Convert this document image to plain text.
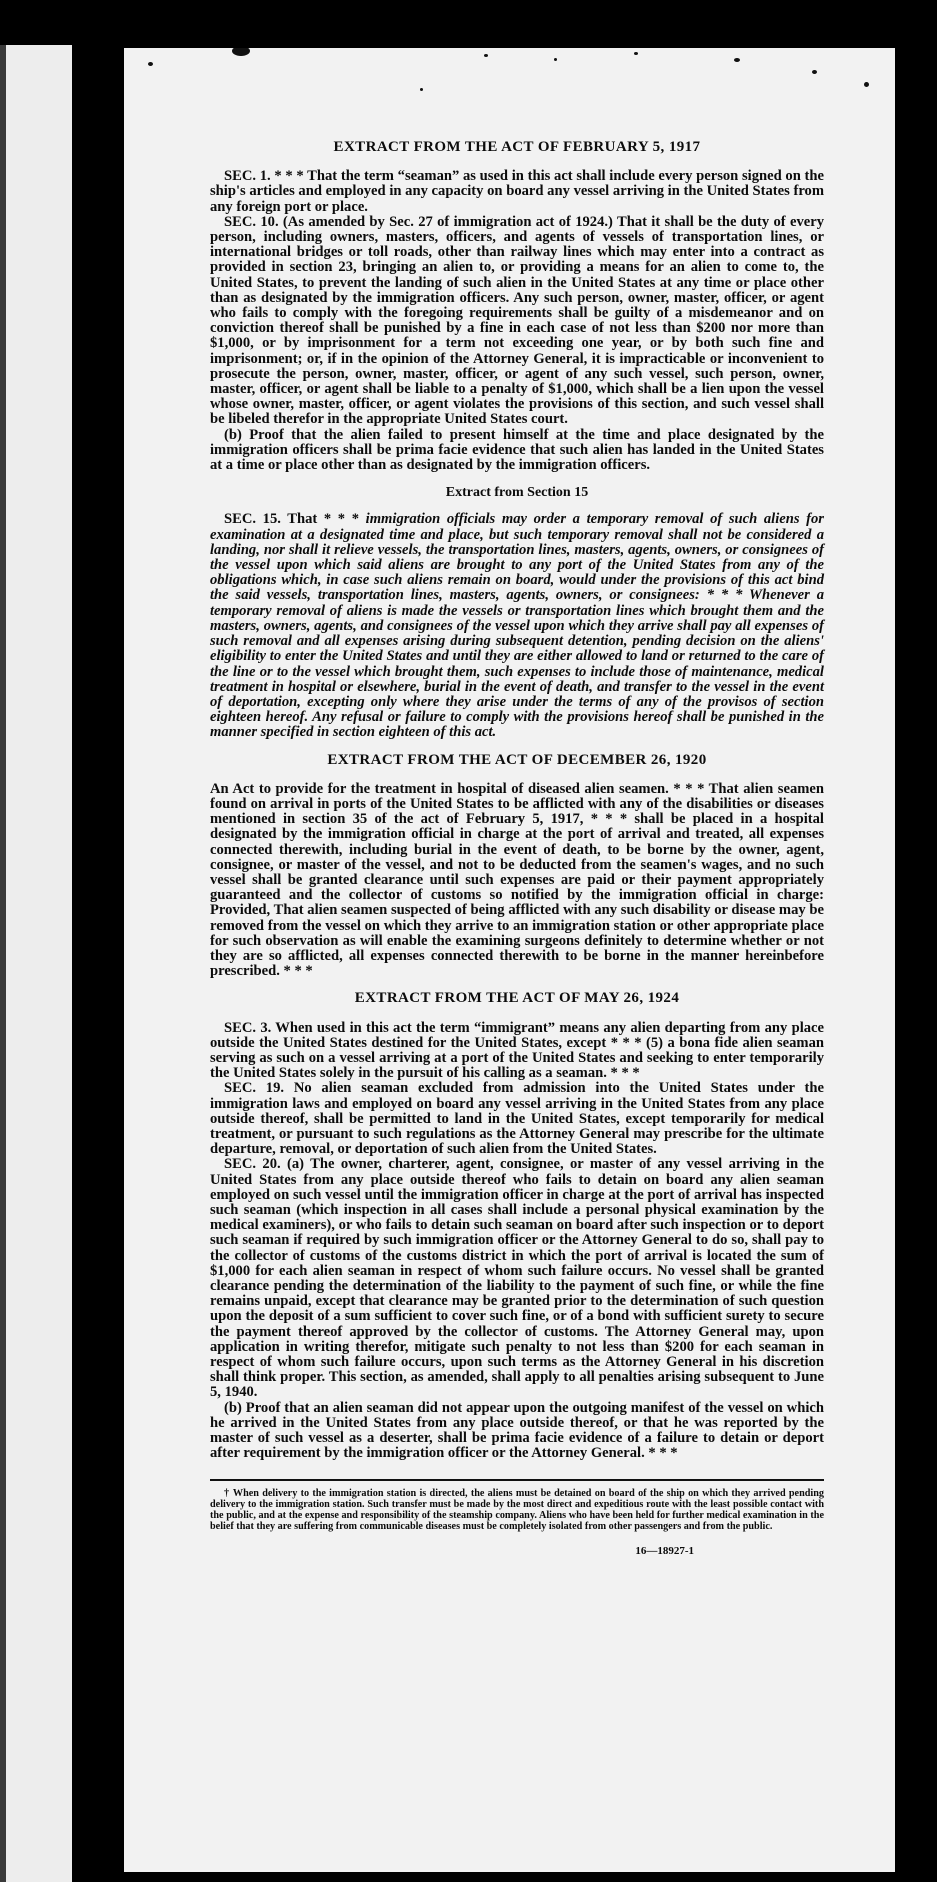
EXTRACT FROM THE ACT OF FEBRUARY 5, 1917

SEC. 1. * * * That the term “seaman” as used in this act shall include every person signed on the ship's articles and employed in any capacity on board any vessel arriving in the United States from any foreign port or place.

SEC. 10. (As amended by Sec. 27 of immigration act of 1924.) That it shall be the duty of every person, including owners, masters, officers, and agents of vessels of transportation lines, or international bridges or toll roads, other than railway lines which may enter into a contract as provided in section 23, bringing an alien to, or providing a means for an alien to come to, the United States, to prevent the landing of such alien in the United States at any time or place other than as designated by the immigration officers. Any such person, owner, master, officer, or agent who fails to comply with the foregoing requirements shall be guilty of a misdemeanor and on conviction thereof shall be punished by a fine in each case of not less than $200 nor more than $1,000, or by imprisonment for a term not exceeding one year, or by both such fine and imprisonment; or, if in the opinion of the Attorney General, it is impracticable or inconvenient to prosecute the person, owner, master, officer, or agent of any such vessel, such person, owner, master, officer, or agent shall be liable to a penalty of $1,000, which shall be a lien upon the vessel whose owner, master, officer, or agent violates the provisions of this section, and such vessel shall be libeled therefor in the appropriate United States court.

(b) Proof that the alien failed to present himself at the time and place designated by the immigration officers shall be prima facie evidence that such alien has landed in the United States at a time or place other than as designated by the immigration officers.

Extract from Section 15

SEC. 15. That * * * immigration officials may order a temporary removal of such aliens for examination at a designated time and place, but such temporary removal shall not be considered a landing, nor shall it relieve vessels, the transportation lines, masters, agents, owners, or consignees of the vessel upon which said aliens are brought to any port of the United States from any of the obligations which, in case such aliens remain on board, would under the provisions of this act bind the said vessels, transportation lines, masters, agents, owners, or consignees: * * * Whenever a temporary removal of aliens is made the vessels or transportation lines which brought them and the masters, owners, agents, and consignees of the vessel upon which they arrive shall pay all expenses of such removal and all expenses arising during subsequent detention, pending decision on the aliens' eligibility to enter the United States and until they are either allowed to land or returned to the care of the line or to the vessel which brought them, such expenses to include those of maintenance, medical treatment in hospital or elsewhere, burial in the event of death, and transfer to the vessel in the event of deportation, excepting only where they arise under the terms of any of the provisos of section eighteen hereof. Any refusal or failure to comply with the provisions hereof shall be punished in the manner specified in section eighteen of this act.

EXTRACT FROM THE ACT OF DECEMBER 26, 1920

An Act to provide for the treatment in hospital of diseased alien seamen. * * * That alien seamen found on arrival in ports of the United States to be afflicted with any of the disabilities or diseases mentioned in section 35 of the act of February 5, 1917, * * * shall be placed in a hospital designated by the immigration official in charge at the port of arrival and treated, all expenses connected therewith, including burial in the event of death, to be borne by the owner, agent, consignee, or master of the vessel, and not to be deducted from the seamen's wages, and no such vessel shall be granted clearance until such expenses are paid or their payment appropriately guaranteed and the collector of customs so notified by the immigration official in charge: Provided, That alien seamen suspected of being afflicted with any such disability or disease may be removed from the vessel on which they arrive to an immigration station or other appropriate place for such observation as will enable the examining surgeons definitely to determine whether or not they are so afflicted, all expenses connected therewith to be borne in the manner hereinbefore prescribed. * * *

EXTRACT FROM THE ACT OF MAY 26, 1924

SEC. 3. When used in this act the term “immigrant” means any alien departing from any place outside the United States destined for the United States, except * * * (5) a bona fide alien seaman serving as such on a vessel arriving at a port of the United States and seeking to enter temporarily the United States solely in the pursuit of his calling as a seaman. * * *

SEC. 19. No alien seaman excluded from admission into the United States under the immigration laws and employed on board any vessel arriving in the United States from any place outside thereof, shall be permitted to land in the United States, except temporarily for medical treatment, or pursuant to such regulations as the Attorney General may prescribe for the ultimate departure, removal, or deportation of such alien from the United States.

SEC. 20. (a) The owner, charterer, agent, consignee, or master of any vessel arriving in the United States from any place outside thereof who fails to detain on board any alien seaman employed on such vessel until the immigration officer in charge at the port of arrival has inspected such seaman (which inspection in all cases shall include a personal physical examination by the medical examiners), or who fails to detain such seaman on board after such inspection or to deport such seaman if required by such immigration officer or the Attorney General to do so, shall pay to the collector of customs of the customs district in which the port of arrival is located the sum of $1,000 for each alien seaman in respect of whom such failure occurs. No vessel shall be granted clearance pending the determination of the liability to the payment of such fine, or while the fine remains unpaid, except that clearance may be granted prior to the determination of such question upon the deposit of a sum sufficient to cover such fine, or of a bond with sufficient surety to secure the payment thereof approved by the collector of customs. The Attorney General may, upon application in writing therefor, mitigate such penalty to not less than $200 for each seaman in respect of whom such failure occurs, upon such terms as the Attorney General in his discretion shall think proper. This section, as amended, shall apply to all penalties arising subsequent to June 5, 1940.

(b) Proof that an alien seaman did not appear upon the outgoing manifest of the vessel on which he arrived in the United States from any place outside thereof, or that he was reported by the master of such vessel as a deserter, shall be prima facie evidence of a failure to detain or deport after requirement by the immigration officer or the Attorney General. * * *

† When delivery to the immigration station is directed, the aliens must be detained on board of the ship on which they arrived pending delivery to the immigration station. Such transfer must be made by the most direct and expeditious route with the least possible contact with the public, and at the expense and responsibility of the steamship company. Aliens who have been held for further medical examination in the belief that they are suffering from communicable diseases must be completely isolated from other passengers and from the public.

16—18927-1
